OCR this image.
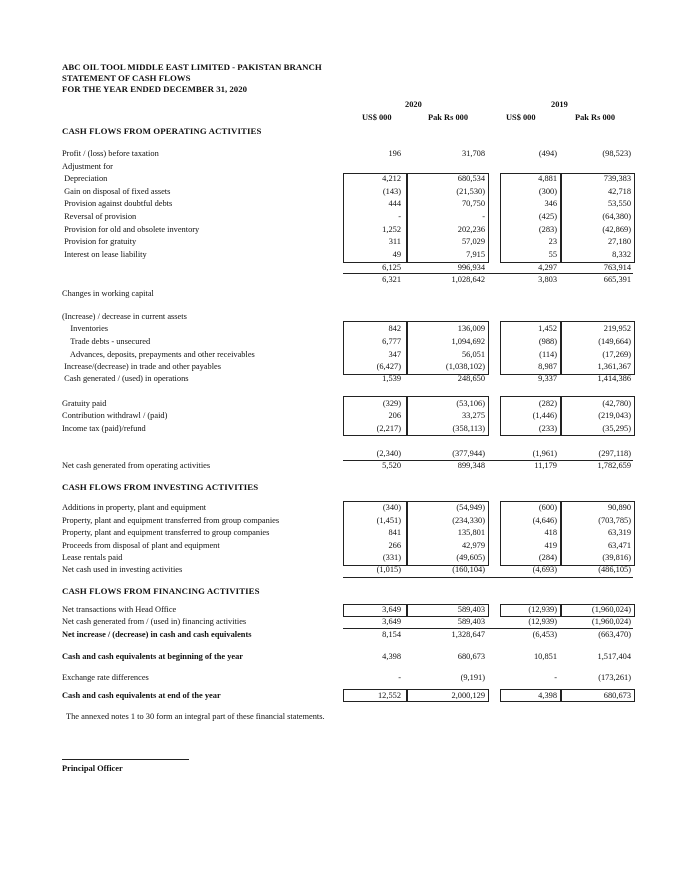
ABC OIL TOOL MIDDLE EAST LIMITED - PAKISTAN BRANCH
STATEMENT OF CASH FLOWS
FOR THE YEAR ENDED DECEMBER 31, 2020
2020	2019
US$ 000	Pak Rs 000	US$ 000	Pak Rs 000
CASH FLOWS FROM OPERATING ACTIVITIES
CASH FLOWS FROM INVESTING ACTIVITIES
CASH FLOWS FROM FINANCING ACTIVITIES
Profit / (loss) before taxation	196	31,708	(494)	(98,523)
Adjustment for
Depreciation	4,212	680,534	4,881	739,383
Gain on disposal of fixed assets	(143)	(21,530)	(300)	42,718
Provision against doubtful debts	444	70,750	346	53,550
Reversal of provision	-	-	(425)	(64,380)
Provision for old and obsolete inventory	1,252	202,236	(283)	(42,869)
Provision for gratuity	311	57,029	23	27,180
Interest on lease liability	49	7,915	55	8,332
6,125	996,934	4,297	763,914
6,321	1,028,642	3,803	665,391
Changes in working capital
(Increase) / decrease in current assets
Inventories	842	136,009	1,452	219,952
Trade debts - unsecured	6,777	1,094,692	(988)	(149,664)
Advances, deposits, prepayments and other receivables	347	56,051	(114)	(17,269)
Increase/(decrease) in trade and other payables	(6,427)	(1,038,102)	8,987	1,361,367
Cash generated / (used) in operations	1,539	248,650	9,337	1,414,386
Gratuity paid	(329)	(53,106)	(282)	(42,780)
Contribution withdrawl / (paid)	206	33,275	(1,446)	(219,043)
Income tax (paid)/refund	(2,217)	(358,113)	(233)	(35,295)
(2,340)	(377,944)	(1,961)	(297,118)
Net cash generated from operating activities	5,520	899,348	11,179	1,782,659
Additions in property, plant and equipment	(340)	(54,949)	(600)	90,890
Property, plant and equipment transferred from group companies	(1,451)	(234,330)	(4,646)	(703,785)
Property, plant and equipment transferred to group companies	841	135,801	418	63,319
Proceeds from disposal of plant and equipment	266	42,979	419	63,471
Lease rentals paid	(331)	(49,605)	(284)	(39,816)
Net cash used in investing activities	(1,015)	(160,104)	(4,693)	(486,105)
Net transactions with Head Office	3,649	589,403	(12,939)	(1,960,024)
Net cash generated from / (used in) financing activities	3,649	589,403	(12,939)	(1,960,024)
Net increase / (decrease) in cash and cash equivalents	8,154	1,328,647	(6,453)	(663,470)
Cash and cash equivalents at beginning of the year	4,398	680,673	10,851	1,517,404
Exchange rate differences	-	(9,191)	-	(173,261)
Cash and cash equivalents at end of the year	12,552	2,000,129	4,398	680,673
The annexed notes 1 to 30 form an integral part of these financial statements.
Principal Officer
